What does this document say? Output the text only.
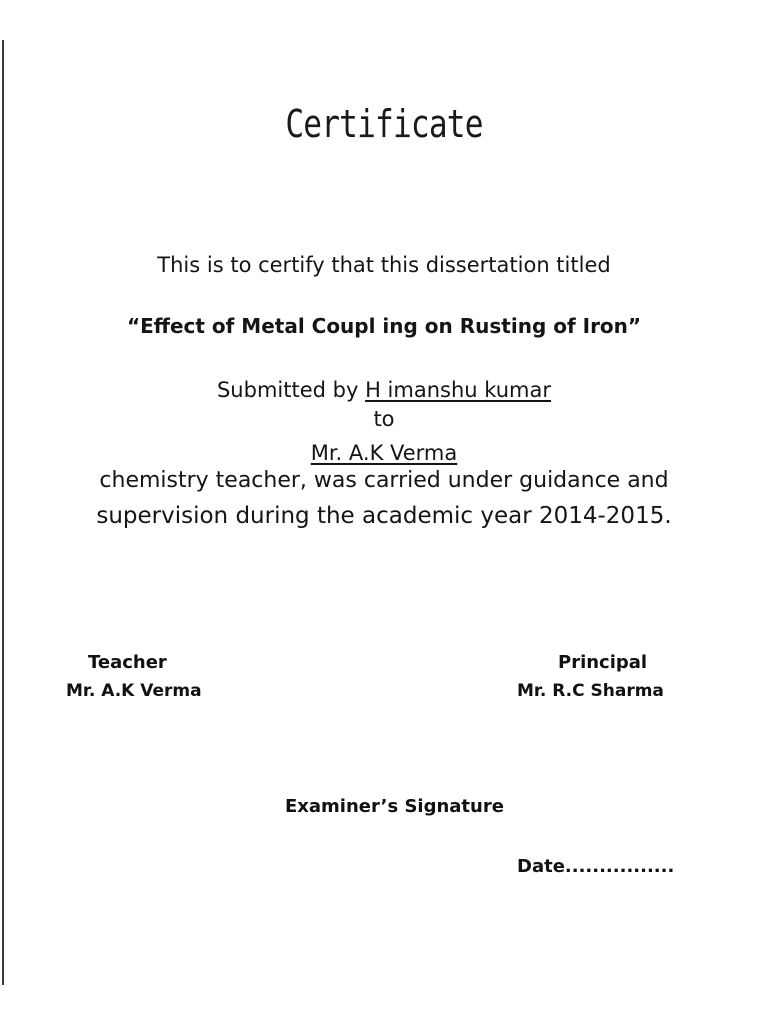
Certificate
This is to certify that this dissertation titled
“Effect of Metal Coupl ing on Rusting of Iron”
Submitted by H imanshu kumar
to
Mr. A.K Verma
chemistry teacher, was carried under guidance and
supervision during the academic year 2014-2015.
Teacher
Mr. A.K Verma
Principal
Mr. R.C Sharma
Examiner’s Signature
Date................
